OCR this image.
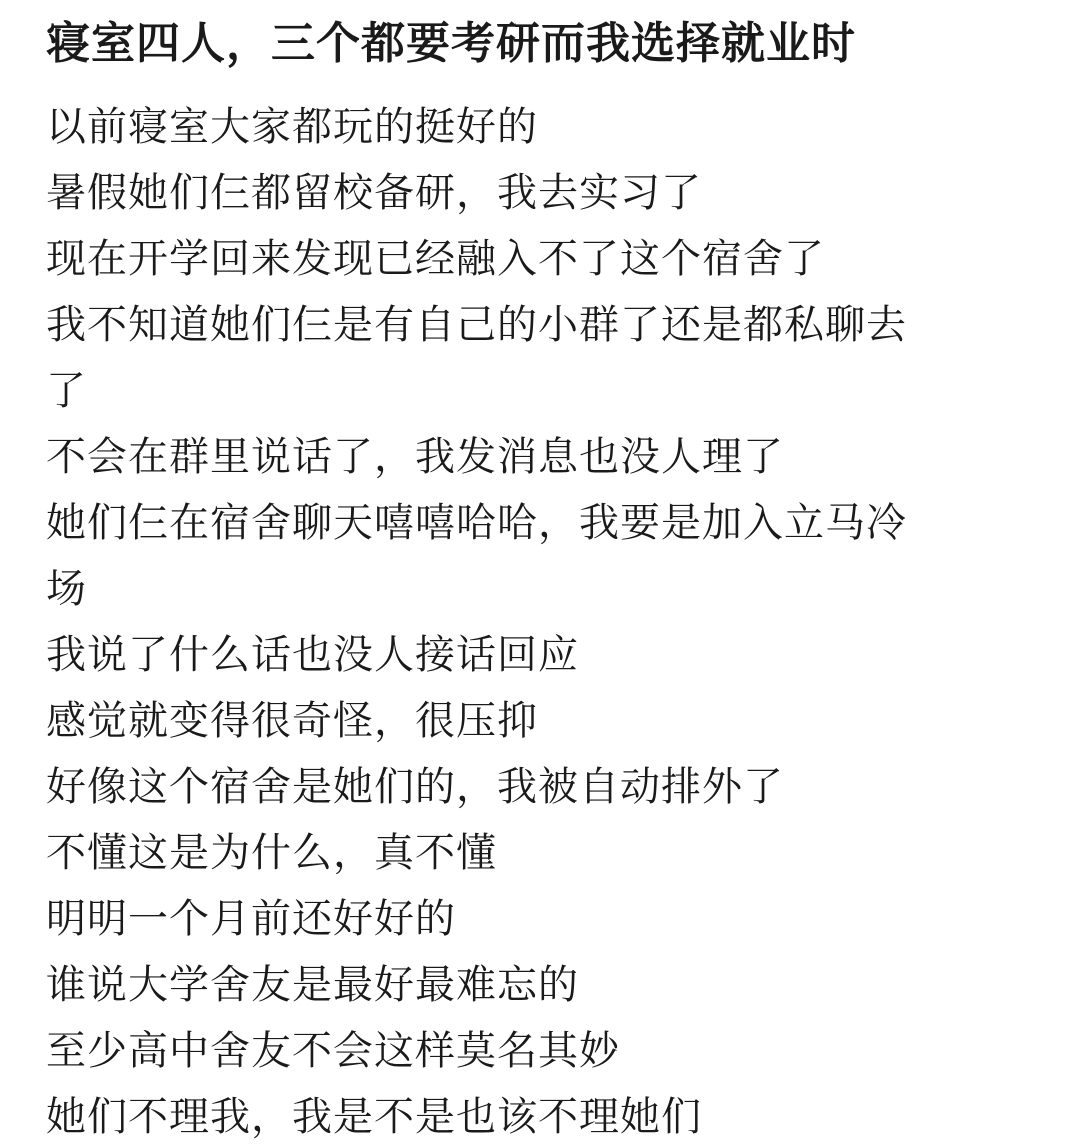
寝室四人，三个都要考研而我选择就业时
以前寝室大家都玩的挺好的
暑假她们仨都留校备研，我去实习了
现在开学回来发现已经融入不了这个宿舍了
我不知道她们仨是有自己的小群了还是都私聊去
了
不会在群里说话了，我发消息也没人理了
她们仨在宿舍聊天嘻嘻哈哈，我要是加入立马冷
场
我说了什么话也没人接话回应
感觉就变得很奇怪，很压抑
好像这个宿舍是她们的，我被自动排外了
不懂这是为什么，真不懂
明明一个月前还好好的
谁说大学舍友是最好最难忘的
至少高中舍友不会这样莫名其妙
她们不理我，我是不是也该不理她们
